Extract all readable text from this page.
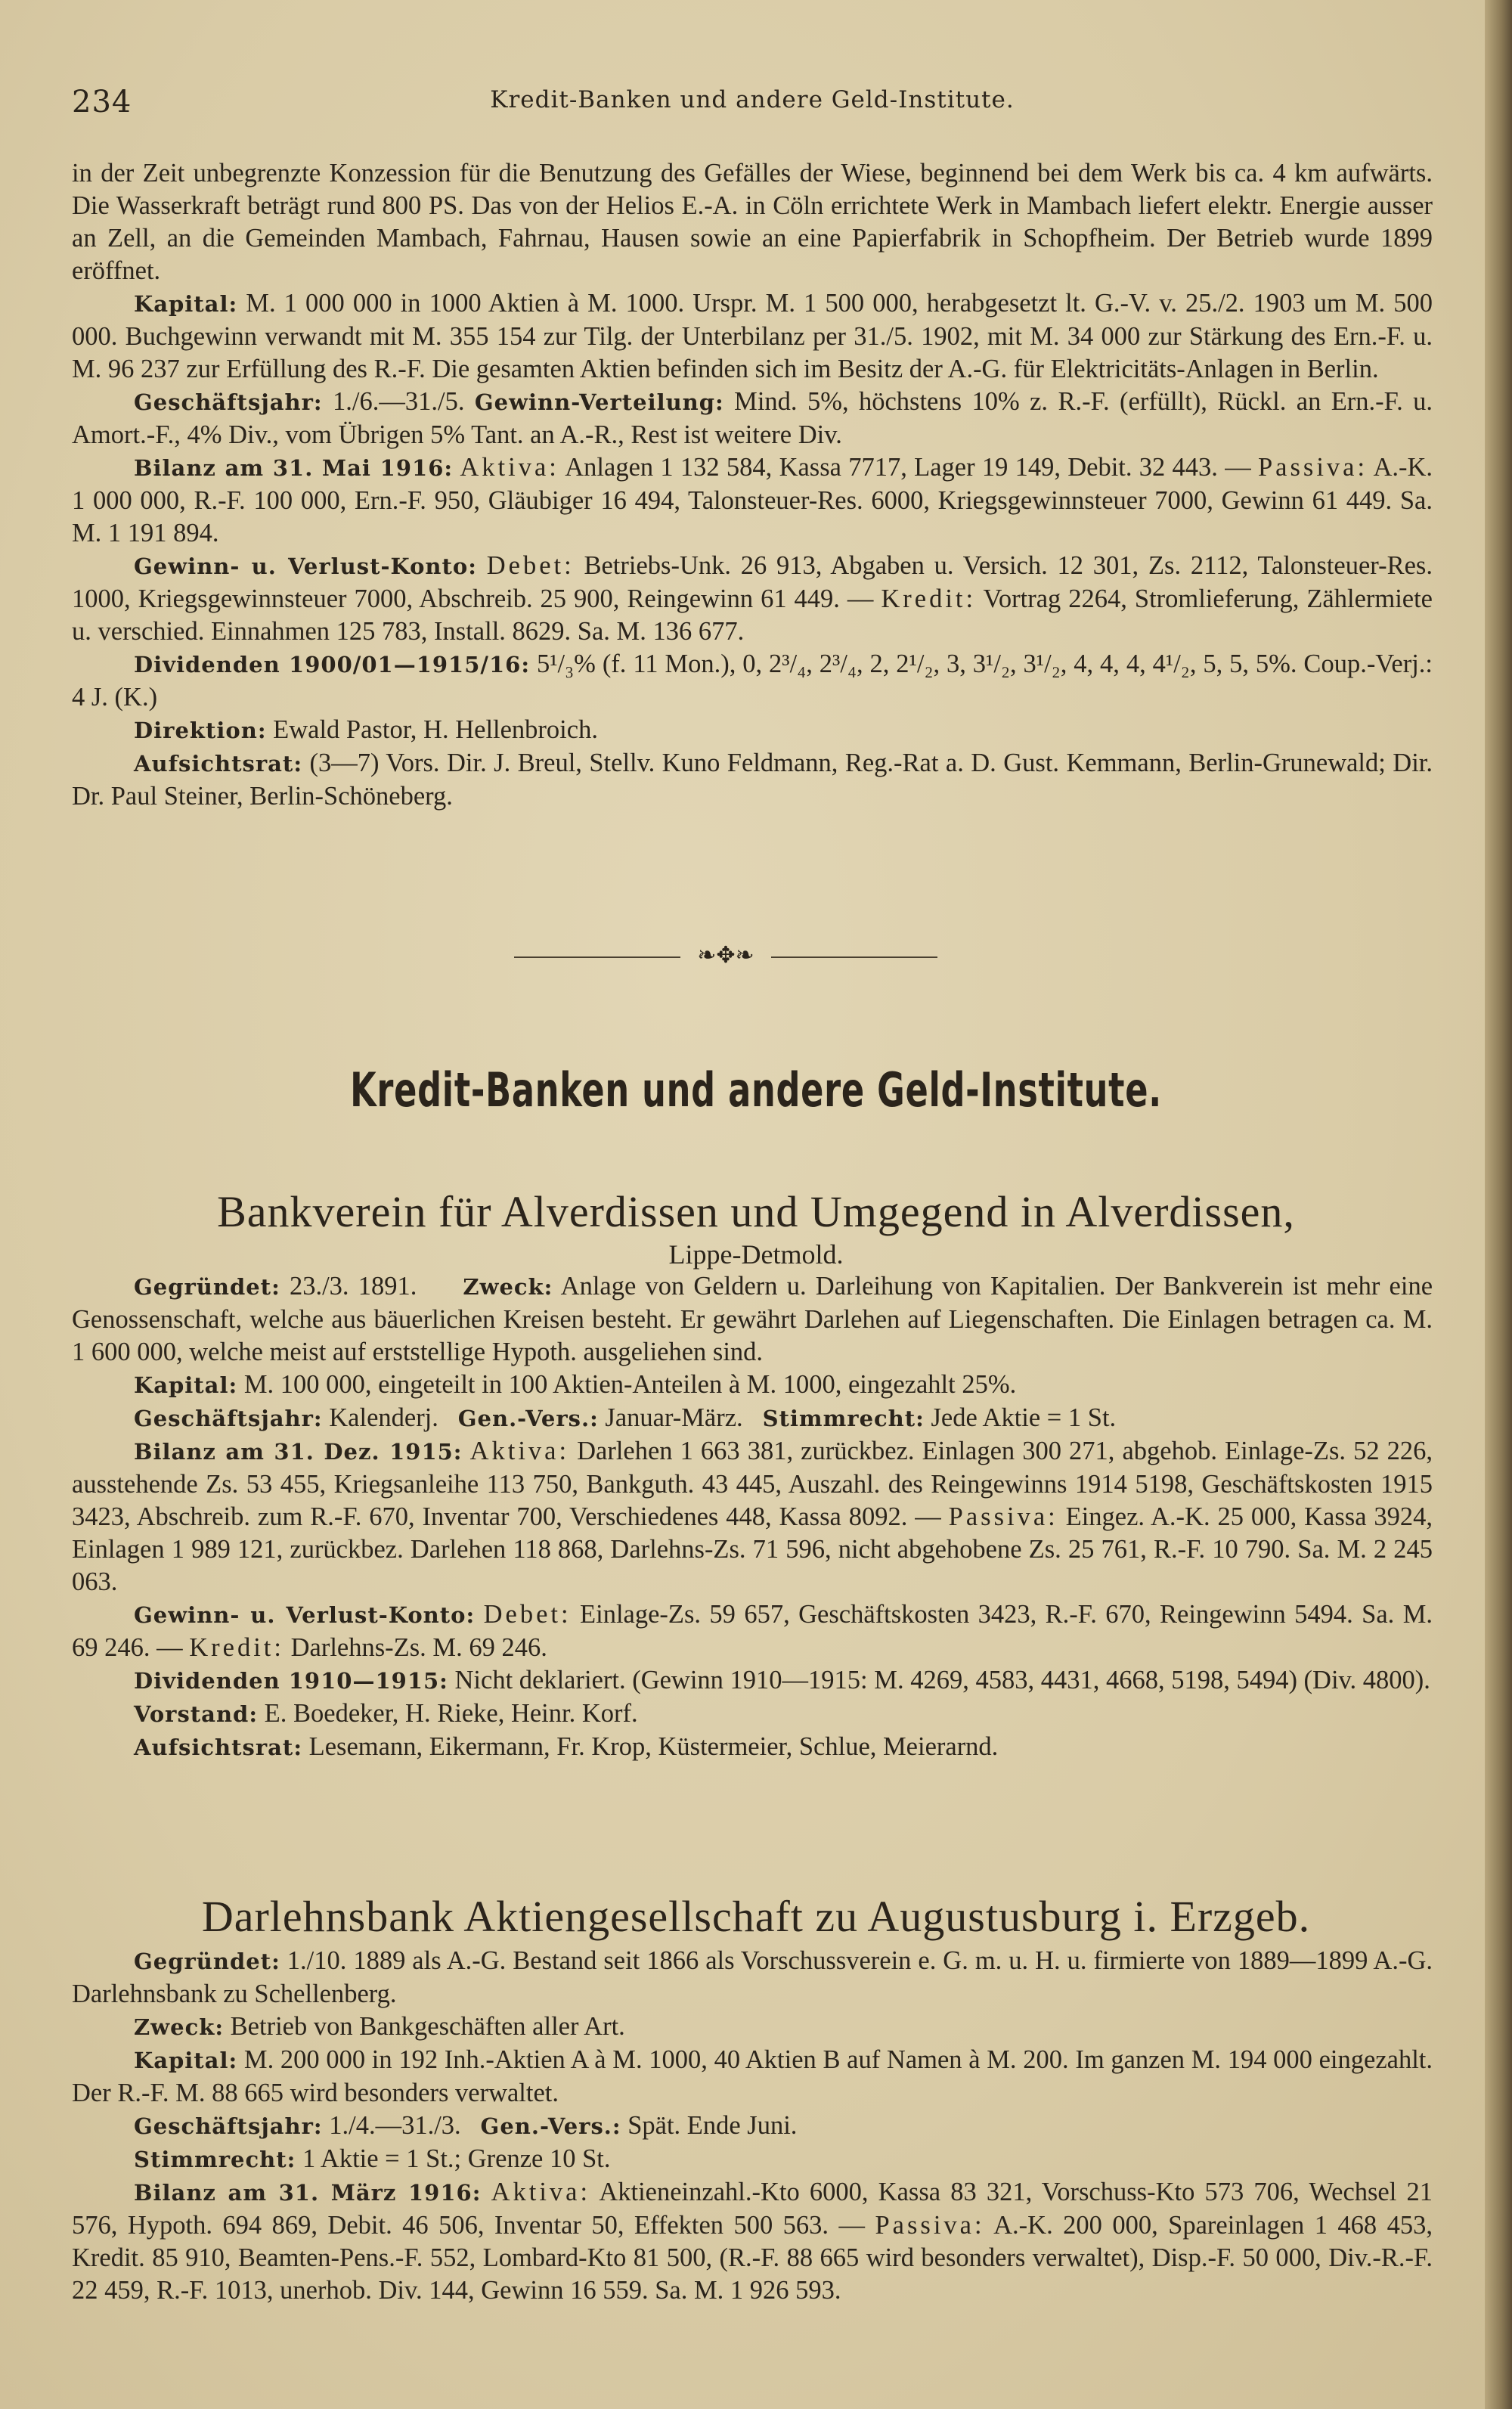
234	Kredit-Banken und andere Geld-Institute.

in der Zeit unbegrenzte Konzession für die Benutzung des Gefälles der Wiese, beginnend bei dem Werk bis ca. 4 km aufwärts. Die Wasserkraft beträgt rund 800 PS. Das von der Helios E.-A. in Cöln errichtete Werk in Mambach liefert elektr. Energie ausser an Zell, an die Gemeinden Mambach, Fahrnau, Hausen sowie an eine Papierfabrik in Schopfheim. Der Betrieb wurde 1899 eröffnet.

Kapital: M. 1 000 000 in 1000 Aktien à M. 1000. Urspr. M. 1 500 000, herabgesetzt lt. G.-V. v. 25./2. 1903 um M. 500 000. Buchgewinn verwandt mit M. 355 154 zur Tilg. der Unterbilanz per 31./5. 1902, mit M. 34 000 zur Stärkung des Ern.-F. u. M. 96 237 zur Erfüllung des R.-F. Die gesamten Aktien befinden sich im Besitz der A.-G. für Elektricitäts-Anlagen in Berlin.

Geschäftsjahr: 1./6.—31./5. Gewinn-Verteilung: Mind. 5%, höchstens 10% z. R.-F. (erfüllt), Rückl. an Ern.-F. u. Amort.-F., 4% Div., vom Übrigen 5% Tant. an A.-R., Rest ist weitere Div.

Bilanz am 31. Mai 1916: Aktiva: Anlagen 1 132 584, Kassa 7717, Lager 19 149, Debit. 32 443. — Passiva: A.-K. 1 000 000, R.-F. 100 000, Ern.-F. 950, Gläubiger 16 494, Talonsteuer-Res. 6000, Kriegsgewinnsteuer 7000, Gewinn 61 449. Sa. M. 1 191 894.

Gewinn- u. Verlust-Konto: Debet: Betriebs-Unk. 26 913, Abgaben u. Versich. 12 301, Zs. 2112, Talonsteuer-Res. 1000, Kriegsgewinnsteuer 7000, Abschreib. 25 900, Reingewinn 61 449. — Kredit: Vortrag 2264, Stromlieferung, Zählermiete u. verschied. Einnahmen 125 783, Install. 8629. Sa. M. 136 677.

Dividenden 1900/01—1915/16: 5¹/₃% (f. 11 Mon.), 0, 2³/₄, 2³/₄, 2, 2¹/₂, 3, 3¹/₂, 3¹/₂, 4, 4, 4, 4¹/₂, 5, 5, 5%. Coup.-Verj.: 4 J. (K.)

Direktion: Ewald Pastor, H. Hellenbroich.

Aufsichtsrat: (3—7) Vors. Dir. J. Breul, Stellv. Kuno Feldmann, Reg.-Rat a. D. Gust. Kemmann, Berlin-Grunewald; Dir. Dr. Paul Steiner, Berlin-Schöneberg.

❧✥❧
Kredit-Banken und andere Geld-Institute.
Bankverein für Alverdissen und Umgegend in Alverdissen,
Lippe-Detmold.

Gegründet: 23./3. 1891. Zweck: Anlage von Geldern u. Darleihung von Kapitalien. Der Bankverein ist mehr eine Genossenschaft, welche aus bäuerlichen Kreisen besteht. Er gewährt Darlehen auf Liegenschaften. Die Einlagen betragen ca. M. 1 600 000, welche meist auf erststellige Hypoth. ausgeliehen sind.

Kapital: M. 100 000, eingeteilt in 100 Aktien-Anteilen à M. 1000, eingezahlt 25%.

Geschäftsjahr: Kalenderj. Gen.-Vers.: Januar-März. Stimmrecht: Jede Aktie = 1 St.

Bilanz am 31. Dez. 1915: Aktiva: Darlehen 1 663 381, zurückbez. Einlagen 300 271, abgehob. Einlage-Zs. 52 226, ausstehende Zs. 53 455, Kriegsanleihe 113 750, Bankguth. 43 445, Auszahl. des Reingewinns 1914 5198, Geschäftskosten 1915 3423, Abschreib. zum R.-F. 670, Inventar 700, Verschiedenes 448, Kassa 8092. — Passiva: Eingez. A.-K. 25 000, Kassa 3924, Einlagen 1 989 121, zurückbez. Darlehen 118 868, Darlehns-Zs. 71 596, nicht abgehobene Zs. 25 761, R.-F. 10 790. Sa. M. 2 245 063.

Gewinn- u. Verlust-Konto: Debet: Einlage-Zs. 59 657, Geschäftskosten 3423, R.-F. 670, Reingewinn 5494. Sa. M. 69 246. — Kredit: Darlehns-Zs. M. 69 246.

Dividenden 1910—1915: Nicht deklariert. (Gewinn 1910—1915: M. 4269, 4583, 4431, 4668, 5198, 5494) (Div. 4800).

Vorstand: E. Boedeker, H. Rieke, Heinr. Korf.

Aufsichtsrat: Lesemann, Eikermann, Fr. Krop, Küstermeier, Schlue, Meierarnd.

Darlehnsbank Aktiengesellschaft zu Augustusburg i. Erzgeb.

Gegründet: 1./10. 1889 als A.-G. Bestand seit 1866 als Vorschussverein e. G. m. u. H. u. firmierte von 1889—1899 A.-G. Darlehnsbank zu Schellenberg.

Zweck: Betrieb von Bankgeschäften aller Art.

Kapital: M. 200 000 in 192 Inh.-Aktien A à M. 1000, 40 Aktien B auf Namen à M. 200. Im ganzen M. 194 000 eingezahlt. Der R.-F. M. 88 665 wird besonders verwaltet.

Geschäftsjahr: 1./4.—31./3. Gen.-Vers.: Spät. Ende Juni.

Stimmrecht: 1 Aktie = 1 St.; Grenze 10 St.

Bilanz am 31. März 1916: Aktiva: Aktieneinzahl.-Kto 6000, Kassa 83 321, Vorschuss-Kto 573 706, Wechsel 21 576, Hypoth. 694 869, Debit. 46 506, Inventar 50, Effekten 500 563. — Passiva: A.-K. 200 000, Spareinlagen 1 468 453, Kredit. 85 910, Beamten-Pens.-F. 552, Lombard-Kto 81 500, (R.-F. 88 665 wird besonders verwaltet), Disp.-F. 50 000, Div.-R.-F. 22 459, R.-F. 1013, unerhob. Div. 144, Gewinn 16 559. Sa. M. 1 926 593.
